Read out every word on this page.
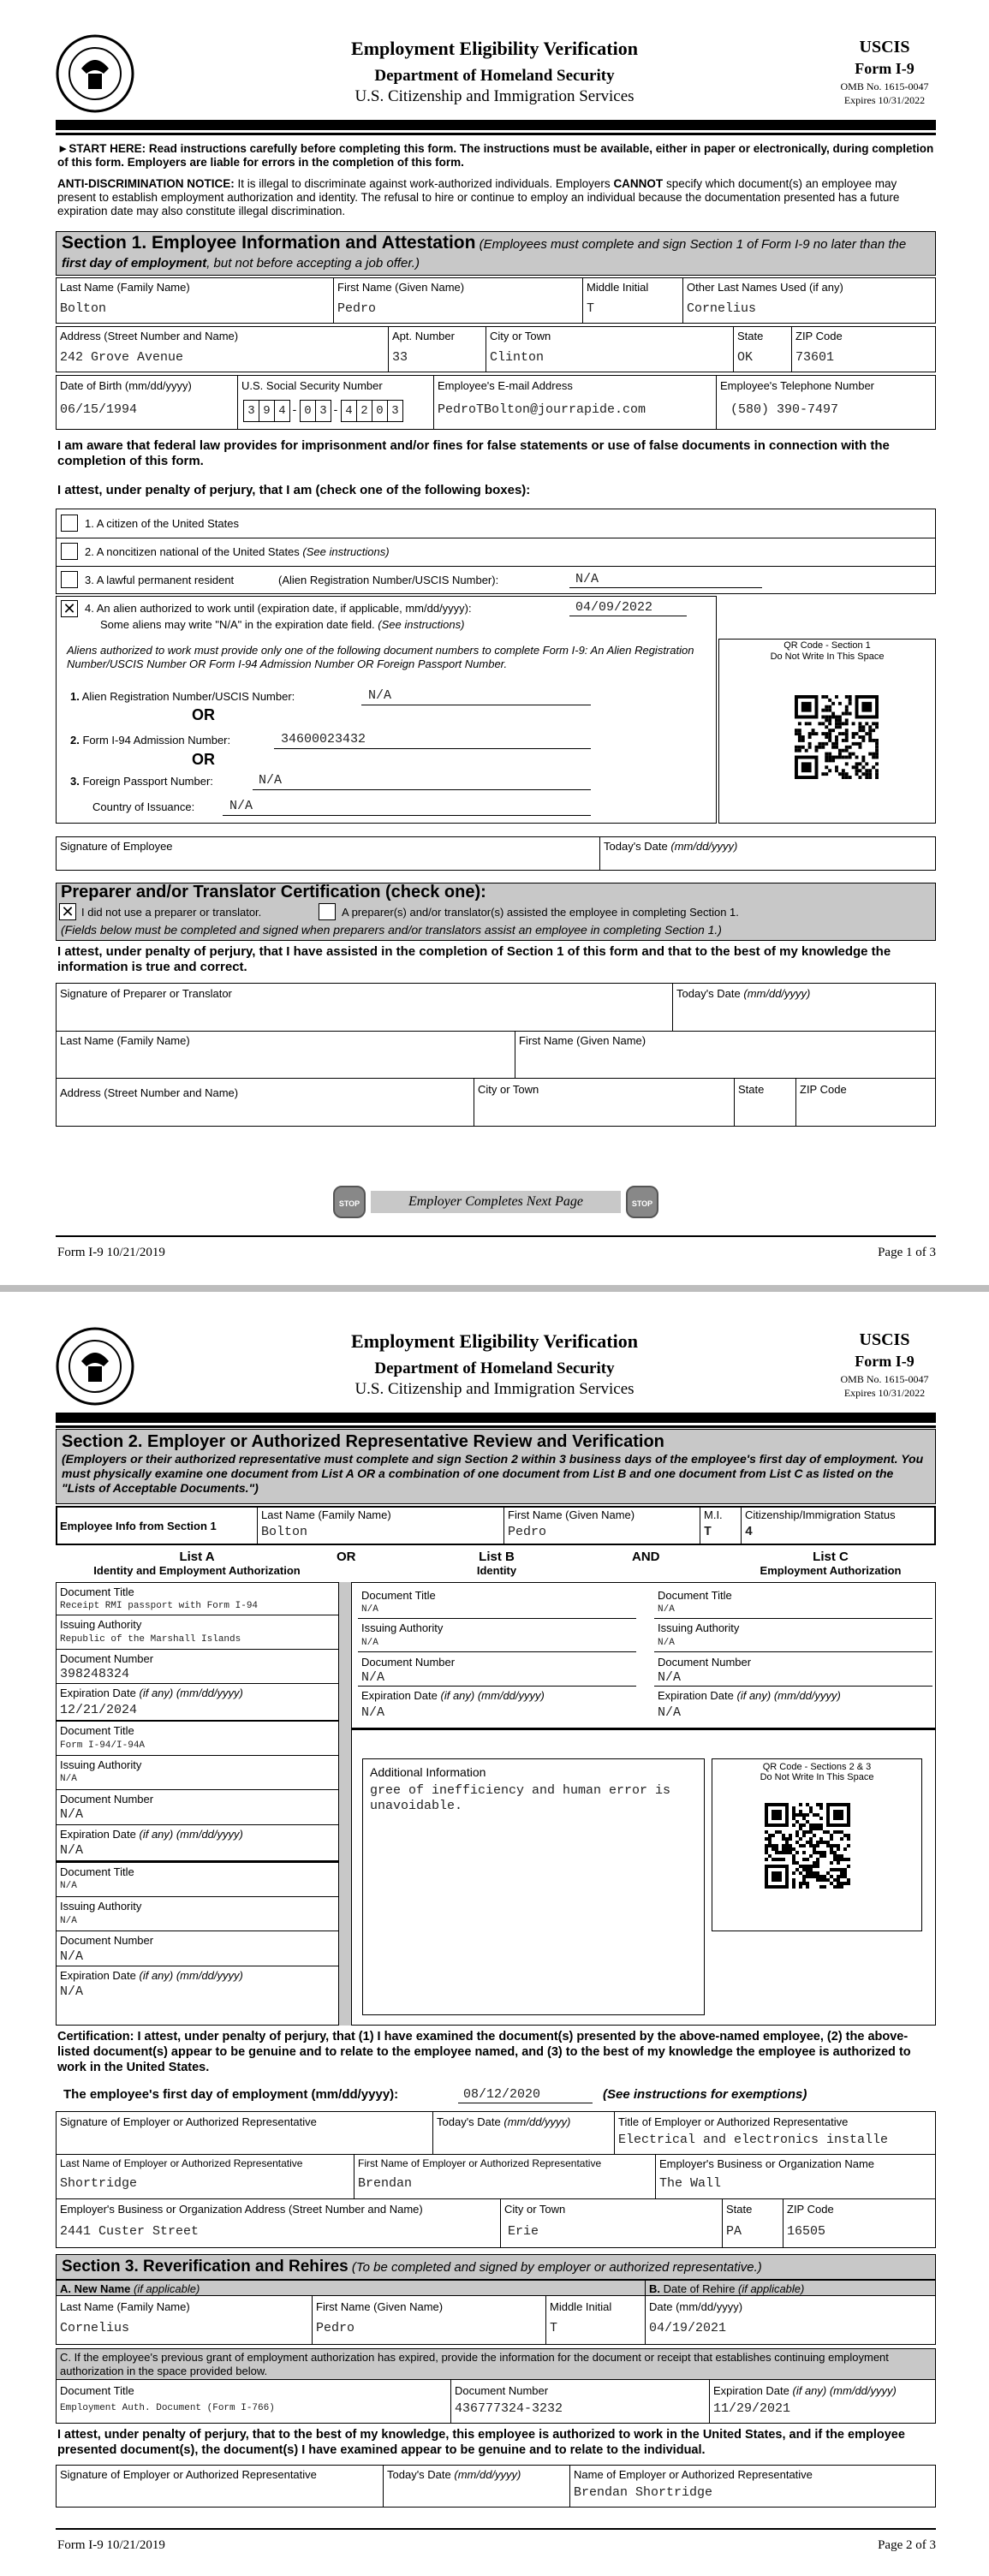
Employment Eligibility Verification
Department of Homeland Security
U.S. Citizenship and Immigration Services
USCIS
Form I-9
OMB No. 1615-0047
Expires 10/31/2022
►START HERE: Read instructions carefully before completing this form. The instructions must be available, either in paper or electronically, during completion of this form. Employers are liable for errors in the completion of this form.
ANTI-DISCRIMINATION NOTICE: It is illegal to discriminate against work-authorized individuals. Employers CANNOT specify which document(s) an employee may present to establish employment authorization and identity. The refusal to hire or continue to employ an individual because the documentation presented has a future expiration date may also constitute illegal discrimination.
Section 1. Employee Information and Attestation (Employees must complete and sign Section 1 of Form I-9 no later than the first day of employment, but not before accepting a job offer.)
Last Name (Family Name)
Bolton
First Name (Given Name)
Pedro
Middle Initial
T
Other Last Names Used (if any)
Cornelius
Address (Street Number and Name)
242 Grove Avenue
Apt. Number
33
City or Town
Clinton
State
OK
ZIP Code
73601
Date of Birth (mm/dd/yyyy)
06/15/1994
U.S. Social Security Number
3 9 4 - 0 3 - 4 2 0 3
Employee's E-mail Address
PedroTBolton@jourrapide.com
Employee's Telephone Number
(580) 390-7497
I am aware that federal law provides for imprisonment and/or fines for false statements or use of false documents in connection with the completion of this form.
I attest, under penalty of perjury, that I am (check one of the following boxes):
1. A citizen of the United States
2. A noncitizen national of the United States (See instructions)
3. A lawful permanent resident	(Alien Registration Number/USCIS Number):	N/A
✕ 4. An alien authorized to work until (expiration date, if applicable, mm/dd/yyyy):	04/09/2022
Some aliens may write "N/A" in the expiration date field. (See instructions)
Aliens authorized to work must provide only one of the following document numbers to complete Form I-9: An Alien Registration Number/USCIS Number OR Form I-94 Admission Number OR Foreign Passport Number.
1. Alien Registration Number/USCIS Number:	N/A
OR
2. Form I-94 Admission Number:	34600023432
OR
3. Foreign Passport Number:	N/A
Country of Issuance:	N/A
QR Code - Section 1
Do Not Write In This Space
Signature of Employee	Today's Date (mm/dd/yyyy)
Preparer and/or Translator Certification (check one):
✕ I did not use a preparer or translator.	A preparer(s) and/or translator(s) assisted the employee in completing Section 1.
(Fields below must be completed and signed when preparers and/or translators assist an employee in completing Section 1.)
I attest, under penalty of perjury, that I have assisted in the completion of Section 1 of this form and that to the best of my knowledge the information is true and correct.
Signature of Preparer or Translator	Today's Date (mm/dd/yyyy)
Last Name (Family Name)	First Name (Given Name)
Address (Street Number and Name)	City or Town	State	ZIP Code
STOP	Employer Completes Next Page	STOP
Form I-9 10/21/2019	Page 1 of 3
Employment Eligibility Verification
Department of Homeland Security
U.S. Citizenship and Immigration Services
USCIS
Form I-9
OMB No. 1615-0047
Expires 10/31/2022
Section 2. Employer or Authorized Representative Review and Verification
(Employers or their authorized representative must complete and sign Section 2 within 3 business days of the employee's first day of employment. You must physically examine one document from List A OR a combination of one document from List B and one document from List C as listed on the "Lists of Acceptable Documents.")
Employee Info from Section 1
Last Name (Family Name)
Bolton
First Name (Given Name)
Pedro
M.I.
T
Citizenship/Immigration Status
4
List A
Identity and Employment Authorization
OR	List B
Identity
AND	List C
Employment Authorization
Document Title
Receipt RMI passport with Form I-94
Issuing Authority
Republic of the Marshall Islands
Document Number
398248324
Expiration Date (if any) (mm/dd/yyyy)
12/21/2024
Document Title
Form I-94/I-94A
Issuing Authority
N/A
Document Number
N/A
Expiration Date (if any) (mm/dd/yyyy)
N/A
Document Title
N/A
Issuing Authority
N/A
Document Number
N/A
Expiration Date (if any) (mm/dd/yyyy)
N/A
Document Title
N/A
Issuing Authority
N/A
Document Number
N/A
Expiration Date (if any) (mm/dd/yyyy)
N/A
Document Title
N/A
Issuing Authority
N/A
Document Number
N/A
Expiration Date (if any) (mm/dd/yyyy)
N/A
Additional Information
gree of inefficiency and human error is unavoidable.
QR Code - Sections 2 & 3
Do Not Write In This Space
Certification: I attest, under penalty of perjury, that (1) I have examined the document(s) presented by the above-named employee, (2) the above-listed document(s) appear to be genuine and to relate to the employee named, and (3) to the best of my knowledge the employee is authorized to work in the United States.
The employee's first day of employment (mm/dd/yyyy):	08/12/2020	(See instructions for exemptions)
Signature of Employer or Authorized Representative	Today's Date (mm/dd/yyyy)	Title of Employer or Authorized Representative
Electrical and electronics installe
Last Name of Employer or Authorized Representative
Shortridge
First Name of Employer or Authorized Representative
Brendan
Employer's Business or Organization Name
The Wall
Employer's Business or Organization Address (Street Number and Name)
2441 Custer Street
City or Town
Erie
State
PA
ZIP Code
16505
Section 3. Reverification and Rehires (To be completed and signed by employer or authorized representative.)
A. New Name (if applicable)	B. Date of Rehire (if applicable)
Last Name (Family Name)
Cornelius
First Name (Given Name)
Pedro
Middle Initial
T
Date (mm/dd/yyyy)
04/19/2021
C. If the employee's previous grant of employment authorization has expired, provide the information for the document or receipt that establishes continuing employment authorization in the space provided below.
Document Title
Employment Auth. Document (Form I-766)
Document Number
436777324-3232
Expiration Date (if any) (mm/dd/yyyy)
11/29/2021
I attest, under penalty of perjury, that to the best of my knowledge, this employee is authorized to work in the United States, and if the employee presented document(s), the document(s) I have examined appear to be genuine and to relate to the individual.
Signature of Employer or Authorized Representative	Today's Date (mm/dd/yyyy)	Name of Employer or Authorized Representative
Brendan Shortridge
Form I-9 10/21/2019	Page 2 of 3
